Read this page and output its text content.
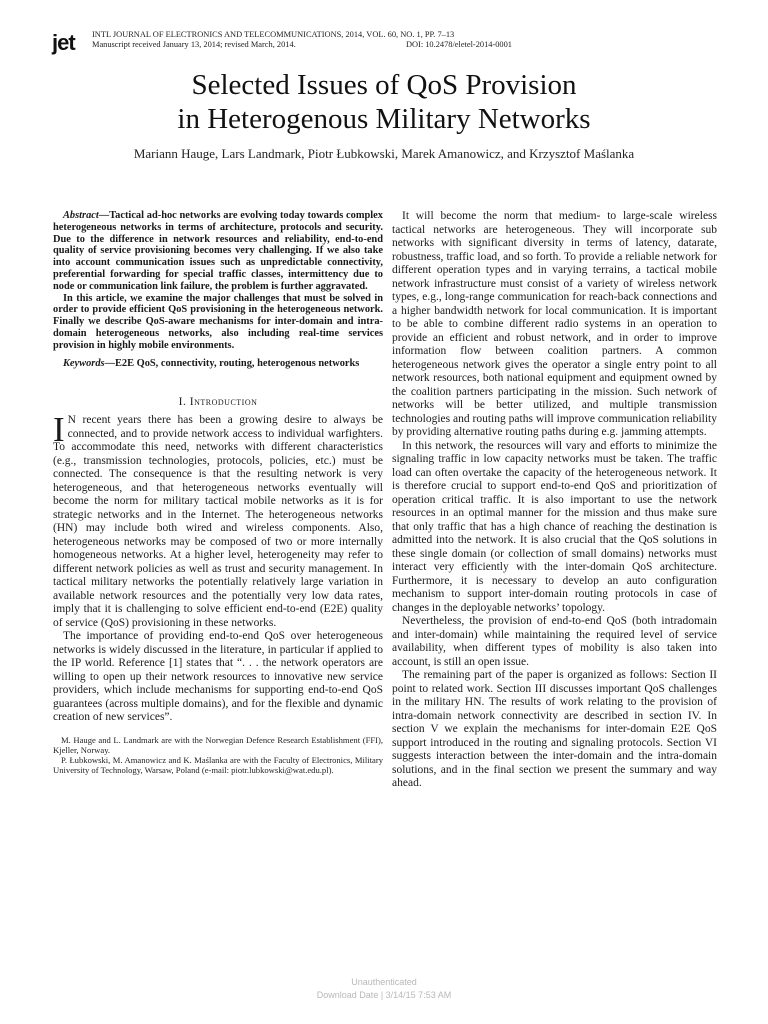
jet INTL JOURNAL OF ELECTRONICS AND TELECOMMUNICATIONS, 2014, VOL. 60, NO. 1, PP. 7–13
Manuscript received January 13, 2014; revised March, 2014.	DOI: 10.2478/eletel-2014-0001
Selected Issues of QoS Provision
in Heterogenous Military Networks
Mariann Hauge, Lars Landmark, Piotr Łubkowski, Marek Amanowicz, and Krzysztof Maślanka

Abstract—Tactical ad-hoc networks are evolving today towards complex heterogeneous networks in terms of architecture, protocols and security. Due to the difference in network resources and reliability, end-to-end quality of service provisioning becomes very challenging. If we also take into account communication issues such as unpredictable connectivity, preferential forwarding for special traffic classes, intermittency due to node or communication link failure, the problem is further aggravated.

In this article, we examine the major challenges that must be solved in order to provide efficient QoS provisioning in the heterogeneous network. Finally we describe QoS-aware mechanisms for inter-domain and intra-domain heterogeneous networks, also including real-time services provision in highly mobile environments.

Keywords—E2E QoS, connectivity, routing, heterogenous networks

I. Introduction

I N recent years there has been a growing desire to always be connected, and to provide network access to individual warfighters. To accommodate this need, networks with different characteristics (e.g., transmission technologies, protocols, policies, etc.) must be connected. The consequence is that the resulting network is very heterogeneous, and that heterogeneous networks eventually will become the norm for military tactical mobile networks as it is for strategic networks and in the Internet. The heterogeneous networks (HN) may include both wired and wireless components. Also, heterogeneous networks may be composed of two or more internally homogeneous networks. At a higher level, heterogeneity may refer to different network policies as well as trust and security management. In tactical military networks the potentially relatively large variation in available network resources and the potentially very low data rates, imply that it is challenging to solve efficient end-to-end (E2E) quality of service (QoS) provisioning in these networks.

The importance of providing end-to-end QoS over heterogeneous networks is widely discussed in the literature, in particular if applied to the IP world. Reference [1] states that “. . . the network operators are willing to open up their network resources to innovative new service providers, which include mechanisms for supporting end-to-end QoS guarantees (across multiple domains), and for the flexible and dynamic creation of new services”.

M. Hauge and L. Landmark are with the Norwegian Defence Research Establishment (FFI), Kjeller, Norway.

P. Łubkowski, M. Amanowicz and K. Maślanka are with the Faculty of Electronics, Military University of Technology, Warsaw, Poland (e-mail: piotr.lubkowski@wat.edu.pl).

It will become the norm that medium- to large-scale wireless tactical networks are heterogeneous. They will incorporate sub networks with significant diversity in terms of latency, datarate, robustness, traffic load, and so forth. To provide a reliable network for different operation types and in varying terrains, a tactical mobile network infrastructure must consist of a variety of wireless network types, e.g., long-range communication for reach-back connections and a higher bandwidth network for local communication. It is important to be able to combine different radio systems in an operation to provide an efficient and robust network, and in order to improve information flow between coalition partners. A common heterogeneous network gives the operator a single entry point to all network resources, both national equipment and equipment owned by the coalition partners participating in the mission. Such network of networks will be better utilized, and multiple transmission technologies and routing paths will improve communication reliability by providing alternative routing paths during e.g. jamming attempts.

In this network, the resources will vary and efforts to minimize the signaling traffic in low capacity networks must be taken. The traffic load can often overtake the capacity of the heterogeneous network. It is therefore crucial to support end-to-end QoS and prioritization of operation critical traffic. It is also important to use the network resources in an optimal manner for the mission and thus make sure that only traffic that has a high chance of reaching the destination is admitted into the network. It is also crucial that the QoS solutions in these single domain (or collection of small domains) networks must interact very efficiently with the inter-domain QoS architecture. Furthermore, it is necessary to develop an auto configuration mechanism to support inter-domain routing protocols in case of changes in the deployable networks’ topology.

Nevertheless, the provision of end-to-end QoS (both intradomain and inter-domain) while maintaining the required level of service availability, when different types of mobility is also taken into account, is still an open issue.

The remaining part of the paper is organized as follows: Section II point to related work. Section III discusses important QoS challenges in the military HN. The results of work relating to the provision of intra-domain network connectivity are described in section IV. In section V we explain the mechanisms for inter-domain E2E QoS support introduced in the routing and signaling protocols. Section VI suggests interaction between the inter-domain and the intra-domain solutions, and in the final section we present the summary and way ahead.

Unauthenticated
Download Date | 3/14/15 7:53 AM
